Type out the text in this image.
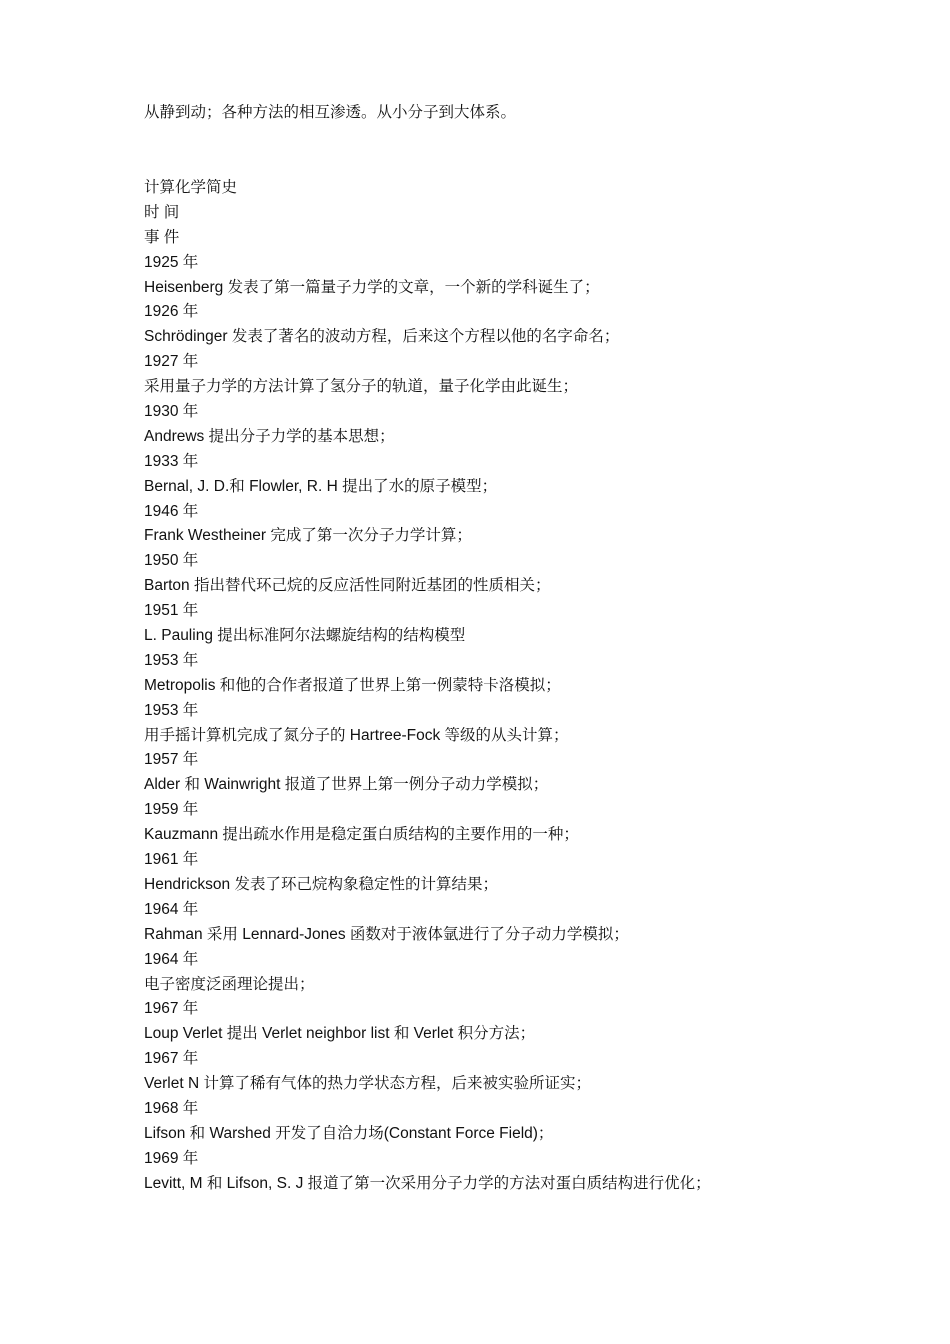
从静到动；各种方法的相互渗透。从小分子到大体系。
计算化学简史
时 间
事 件
1925 年
Heisenberg 发表了第一篇量子力学的文章，一个新的学科诞生了；
1926 年
Schrödinger 发表了著名的波动方程，后来这个方程以他的名字命名；
1927 年
采用量子力学的方法计算了氢分子的轨道，量子化学由此诞生；
1930 年
Andrews 提出分子力学的基本思想；
1933 年
Bernal, J. D.和 Flowler, R. H 提出了水的原子模型；
1946 年
Frank Westheiner 完成了第一次分子力学计算；
1950 年
Barton 指出替代环己烷的反应活性同附近基团的性质相关；
1951 年
L. Pauling 提出标准阿尔法螺旋结构的结构模型
1953 年
Metropolis 和他的合作者报道了世界上第一例蒙特卡洛模拟；
1953 年
用手摇计算机完成了氮分子的 Hartree-Fock 等级的从头计算；
1957 年
Alder 和 Wainwright 报道了世界上第一例分子动力学模拟；
1959 年
Kauzmann 提出疏水作用是稳定蛋白质结构的主要作用的一种；
1961 年
Hendrickson 发表了环己烷构象稳定性的计算结果；
1964 年
Rahman 采用 Lennard-Jones 函数对于液体氩进行了分子动力学模拟；
1964 年
电子密度泛函理论提出；
1967 年
Loup Verlet 提出 Verlet neighbor list 和 Verlet 积分方法；
1967 年
Verlet N 计算了稀有气体的热力学状态方程，后来被实验所证实；
1968 年
Lifson 和 Warshed 开发了自洽力场(Constant Force Field)；
1969 年
Levitt, M 和 Lifson, S. J 报道了第一次采用分子力学的方法对蛋白质结构进行优化；
